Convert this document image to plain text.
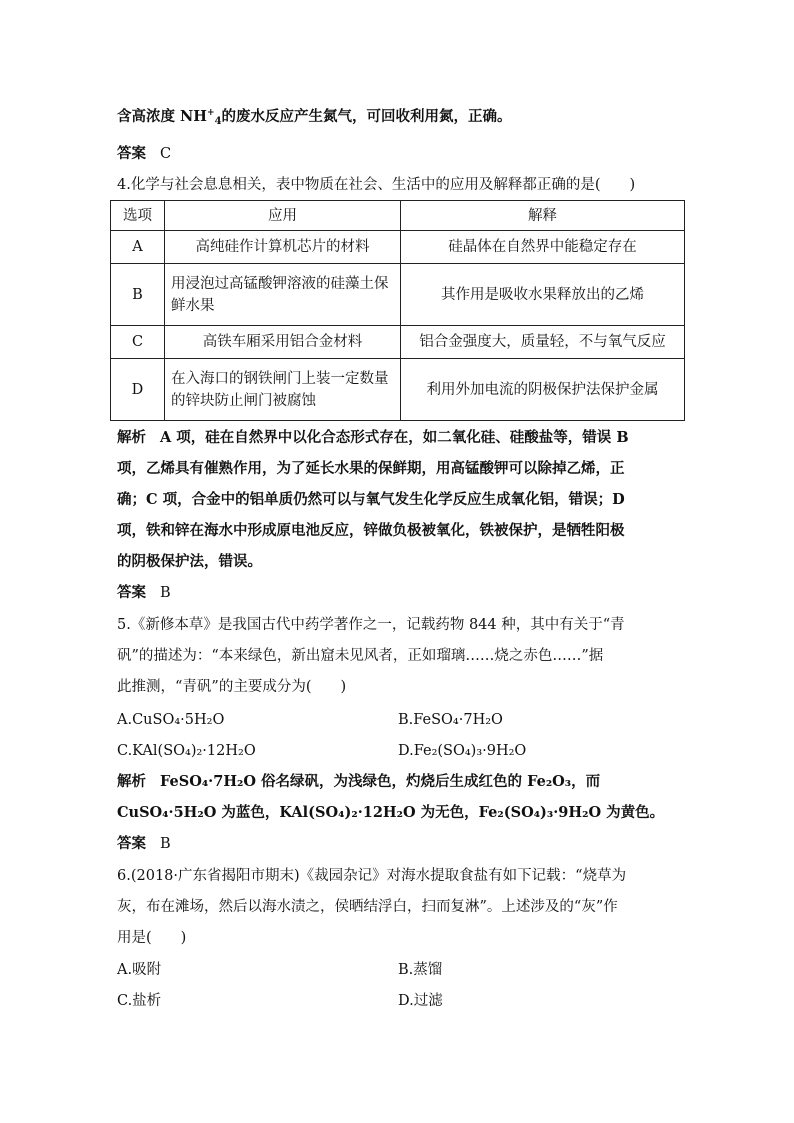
含高浓度 $NH^+_4$的废水反应产生氮气，可回收利用氮，正确。
答案 C
4.化学与社会息息相关，表中物质在社会、生活中的应用及解释都正确的是(　　)
选项	应用	解释
A	高纯硅作计算机芯片的材料	硅晶体在自然界中能稳定存在
B	用浸泡过高锰酸钾溶液的硅藻土保鲜水果	其作用是吸收水果释放出的乙烯
C	高铁车厢采用铝合金材料	铝合金强度大，质量轻，不与氧气反应
D	在入海口的钢铁闸门上装一定数量的锌块防止闸门被腐蚀	利用外加电流的阴极保护法保护金属
解析 A 项，硅在自然界中以化合态形式存在，如二氧化硅、硅酸盐等，错误 B
项，乙烯具有催熟作用，为了延长水果的保鲜期，用高锰酸钾可以除掉乙烯，正
确；C 项，合金中的铝单质仍然可以与氧气发生化学反应生成氧化铝，错误；D
项，铁和锌在海水中形成原电池反应，锌做负极被氧化，铁被保护，是牺牲阳极
的阴极保护法，错误。
答案 B
5.《新修本草》是我国古代中药学著作之一，记载药物 844 种，其中有关于“青
矾”的描述为：“本来绿色，新出窟未见风者，正如瑠璃……烧之赤色……”据
此推测，“青矾”的主要成分为(　　)
A.CuSO₄·5H₂O	B.FeSO₄·7H₂O
C.KAl(SO₄)₂·12H₂O	D.Fe₂(SO₄)₃·9H₂O
解析 FeSO₄·7H₂O 俗名绿矾，为浅绿色，灼烧后生成红色的 Fe₂O₃，而
CuSO₄·5H₂O 为蓝色，KAl(SO₄)₂·12H₂O 为无色，Fe₂(SO₄)₃·9H₂O 为黄色。
答案 B
6.(2018·广东省揭阳市期末)《裁园杂记》对海水提取食盐有如下记载：“烧草为
灰，布在滩场，然后以海水渍之，侯晒结浮白，扫而复淋”。上述涉及的“灰”作
用是(　　)
A.吸附	B.蒸馏
C.盐析	D.过滤
